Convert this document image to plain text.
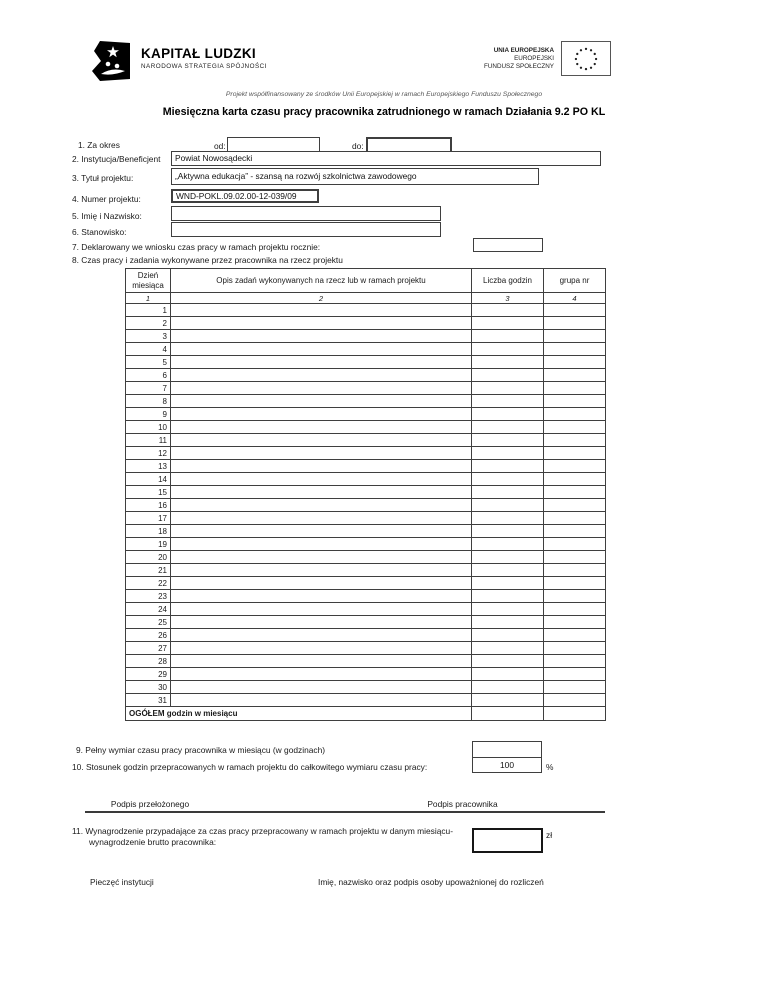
KAPITAŁ LUDZKI
NARODOWA STRATEGIA SPÓJNOŚCI
UNIA EUROPEJSKA
EUROPEJSKI
FUNDUSZ SPOŁECZNY
Projekt współfinansowany ze środków Unii Europejskiej w ramach Europejskiego Funduszu Społecznego
Miesięczna karta czasu pracy pracownika zatrudnionego w ramach Działania 9.2 PO KL
1. Za okres	od:	do:
2. Instytucja/Beneficjent	Powiat Nowosądecki
3. Tytuł projektu:	„Aktywna edukacja” - szansą na rozwój szkolnictwa zawodowego
4. Numer projektu:	WND-POKL.09.02.00-12-039/09
5. Imię i Nazwisko:
6. Stanowisko:
7. Deklarowany we wniosku czas pracy w ramach projektu rocznie:
8. Czas pracy i zadania wykonywane przez pracownika na rzecz projektu
Dzień miesiąca	Opis zadań wykonywanych na rzecz lub w ramach projektu	Liczba godzin	grupa nr
1	2	3	4
1			
2			
3			
4			
5			
6			
7			
8			
9			
10			
11			
12			
13			
14			
15			
16			
17			
18			
19			
20			
21			
22			
23			
24			
25			
26			
27			
28			
29			
30			
31			
OGÓŁEM godzin w miesiącu			
9. Pełny wymiar czasu pracy pracownika w miesiącu (w godzinach)
10. Stosunek godzin przepracowanych w ramach projektu do całkowitego wymiaru czasu pracy:	100	%
Podpis przełożonego	Podpis pracownika
11. Wynagrodzenie przypadające za czas pracy przepracowany w ramach projektu w danym miesiącu-
wynagrodzenie brutto pracownika:
zł
Pieczęć instytucji	Imię, nazwisko oraz podpis osoby upoważnionej do rozliczeń
